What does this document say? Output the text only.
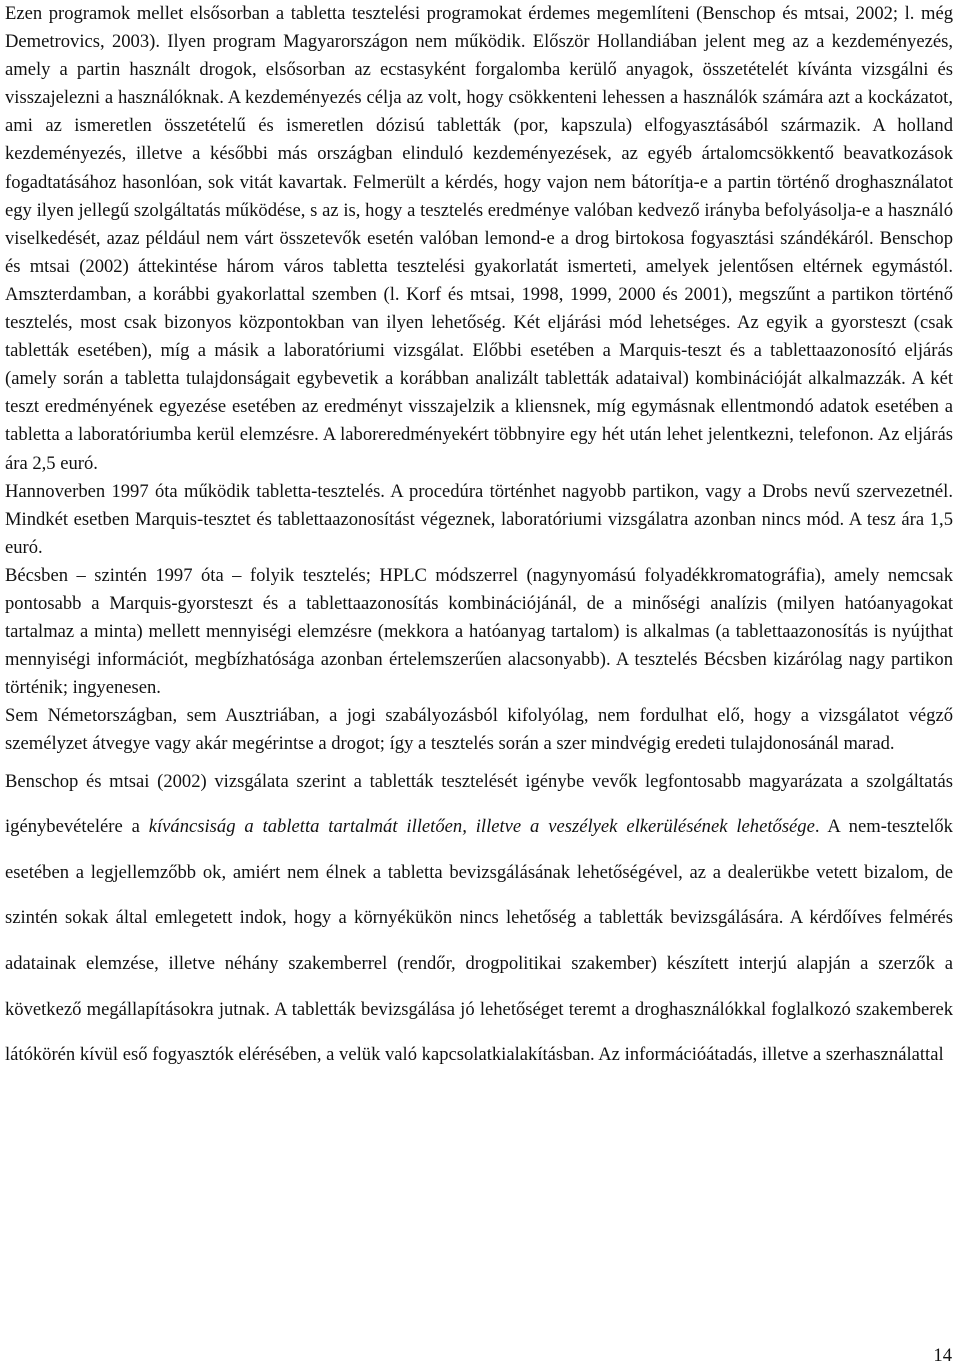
Ezen programok mellet elsősorban a tabletta tesztelési programokat érdemes megemlíteni (Benschop és mtsai, 2002; l. még Demetrovics, 2003). Ilyen program Magyarországon nem működik. Először Hollandiában jelent meg az a kezdeményezés, amely a partin használt drogok, elsősorban az ecstasyként forgalomba kerülő anyagok, összetételét kívánta vizsgálni és visszajelezni a használóknak. A kezdeményezés célja az volt, hogy csökkenteni lehessen a használók számára azt a kockázatot, ami az ismeretlen összetételű és ismeretlen dózisú tabletták (por, kapszula) elfogyasztásából származik. A holland kezdeményezés, illetve a későbbi más országban elinduló kezdeményezések, az egyéb ártalomcsökkentő beavatkozások fogadtatásához hasonlóan, sok vitát kavartak. Felmerült a kérdés, hogy vajon nem bátorítja-e a partin történő droghasználatot egy ilyen jellegű szolgáltatás működése, s az is, hogy a tesztelés eredménye valóban kedvező irányba befolyásolja-e a használó viselkedését, azaz például nem várt összetevők esetén valóban lemond-e a drog birtokosa fogyasztási szándékáról. Benschop és mtsai (2002) áttekintése három város tabletta tesztelési gyakorlatát ismerteti, amelyek jelentősen eltérnek egymástól. Amszterdamban, a korábbi gyakorlattal szemben (l. Korf és mtsai, 1998, 1999, 2000 és 2001), megszűnt a partikon történő tesztelés, most csak bizonyos központokban van ilyen lehetőség. Két eljárási mód lehetséges. Az egyik a gyorsteszt (csak tabletták esetében), míg a másik a laboratóriumi vizsgálat. Előbbi esetében a Marquis-teszt és a tablettaazonosító eljárás (amely során a tabletta tulajdonságait egybevetik a korábban analizált tabletták adataival) kombinációját alkalmazzák. A két teszt eredményének egyezése esetében az eredményt visszajelzik a kliensnek, míg egymásnak ellentmondó adatok esetében a tabletta a laboratóriumba kerül elemzésre. A laboreredményekért többnyire egy hét után lehet jelentkezni, telefonon. Az eljárás ára 2,5 euró.

Hannoverben 1997 óta működik tabletta-tesztelés. A procedúra történhet nagyobb partikon, vagy a Drobs nevű szervezetnél. Mindkét esetben Marquis-tesztet és tablettaazonosítást végeznek, laboratóriumi vizsgálatra azonban nincs mód. A tesz ára 1,5 euró.

Bécsben – szintén 1997 óta – folyik tesztelés; HPLC módszerrel (nagynyomású folyadékkromatográfia), amely nemcsak pontosabb a Marquis-gyorsteszt és a tablettaazonosítás kombinációjánál, de a minőségi analízis (milyen hatóanyagokat tartalmaz a minta) mellett mennyiségi elemzésre (mekkora a hatóanyag tartalom) is alkalmas (a tablettaazonosítás is nyújthat mennyiségi információt, megbízhatósága azonban értelemszerűen alacsonyabb). A tesztelés Bécsben kizárólag nagy partikon történik; ingyenesen.

Sem Németországban, sem Ausztriában, a jogi szabályozásból kifolyólag, nem fordulhat elő, hogy a vizsgálatot végző személyzet átvegye vagy akár megérintse a drogot; így a tesztelés során a szer mindvégig eredeti tulajdonosánál marad.

Benschop és mtsai (2002) vizsgálata szerint a tabletták tesztelését igénybe vevők legfontosabb magyarázata a szolgáltatás igénybevételére a kíváncsiság a tabletta tartalmát illetően, illetve a veszélyek elkerülésének lehetősége. A nem-tesztelők esetében a legjellemzőbb ok, amiért nem élnek a tabletta bevizsgálásának lehetőségével, az a dealerükbe vetett bizalom, de szintén sokak által emlegetett indok, hogy a környékükön nincs lehetőség a tabletták bevizsgálására. A kérdőíves felmérés adatainak elemzése, illetve néhány szakemberrel (rendőr, drogpolitikai szakember) készített interjú alapján a szerzők a következő megállapításokra jutnak. A tabletták bevizsgálása jó lehetőséget teremt a droghasználókkal foglalkozó szakemberek látókörén kívül eső fogyasztók elérésében, a velük való kapcsolatkialakításban. Az információátadás, illetve a szerhasználattal

14
